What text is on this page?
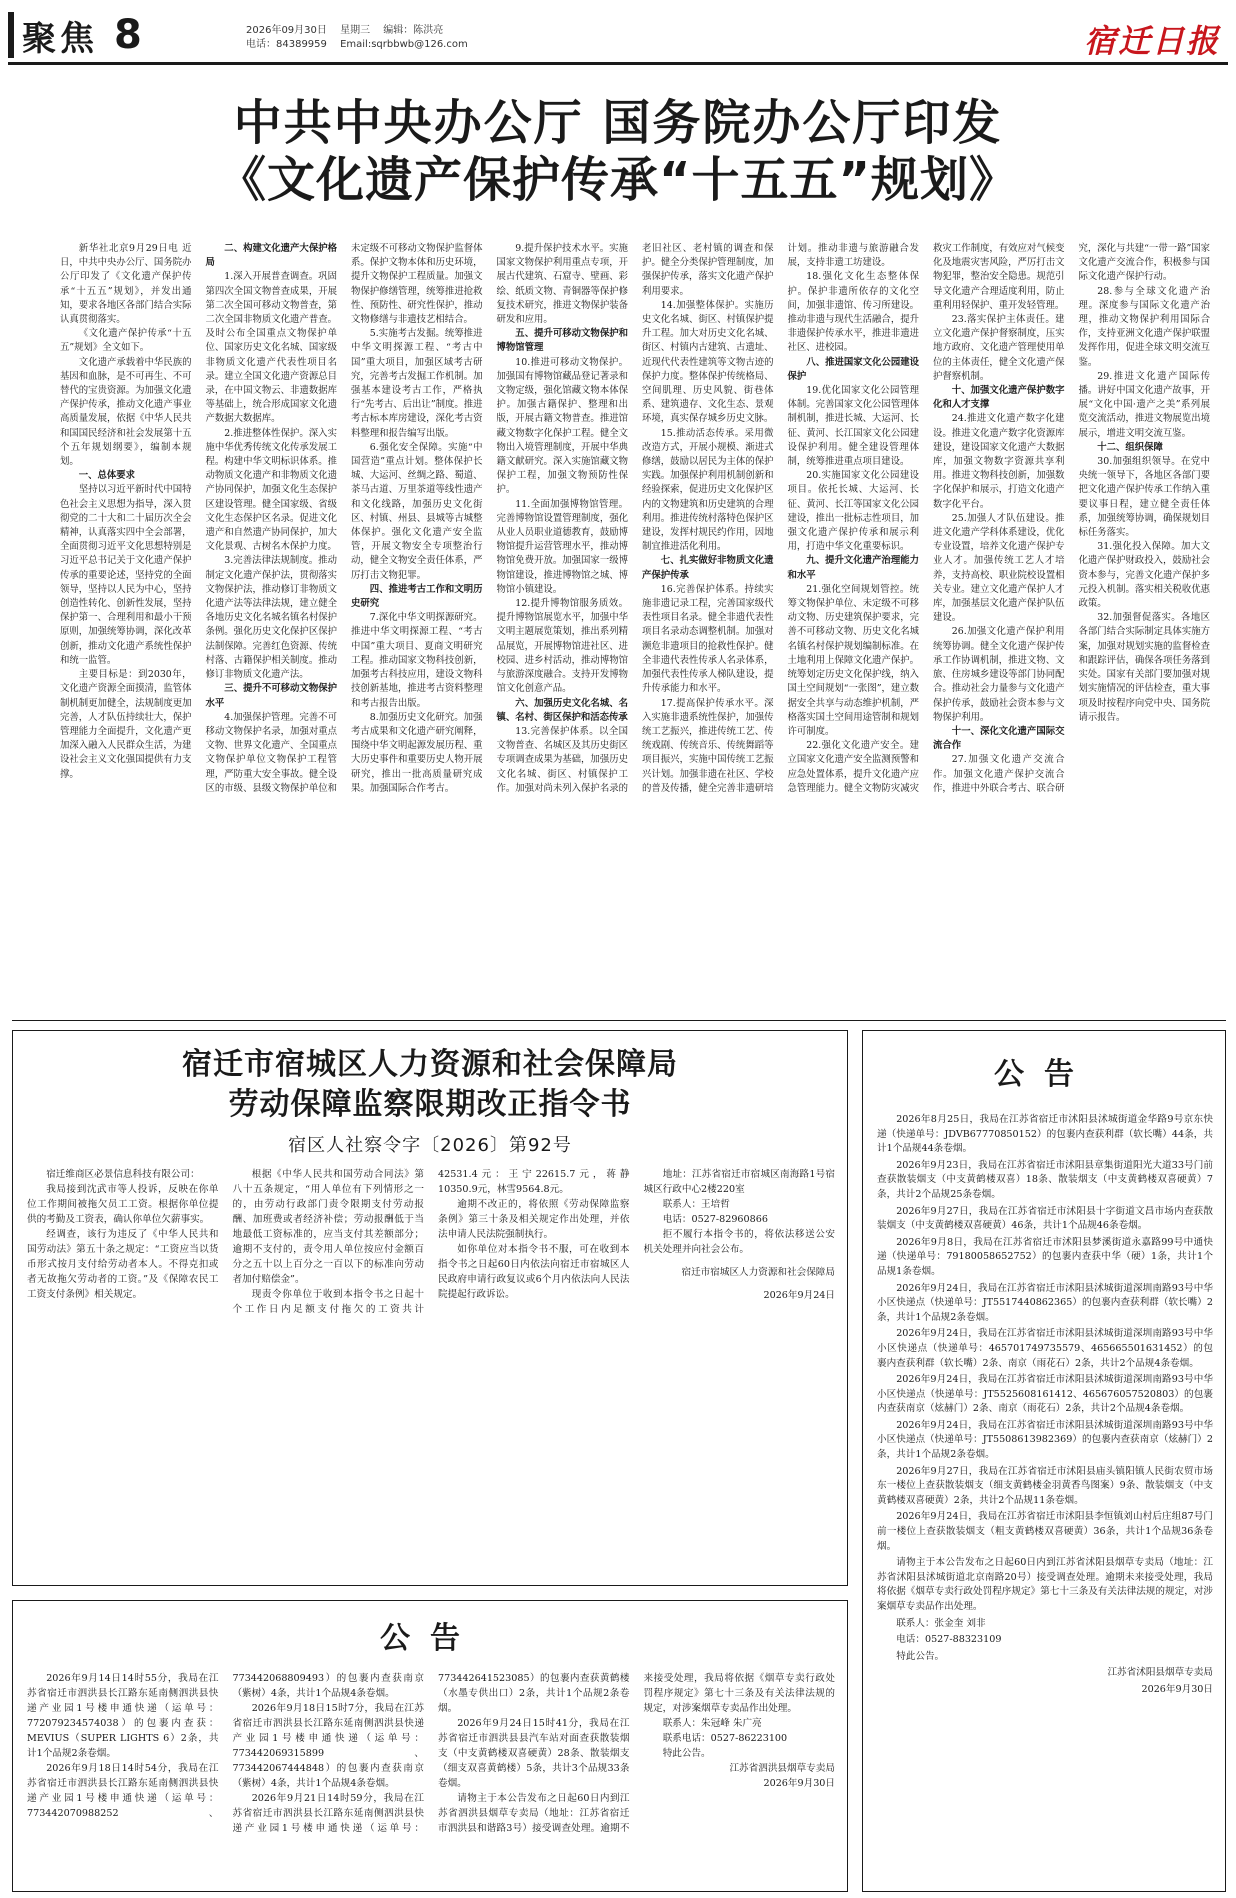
聚焦 8	2026年09月30日 星期三 编辑：陈洪亮
电话：84389959 Email:sqrbbwb@126.com	宿迁日报
中共中央办公厅 国务院办公厅印发
《文化遗产保护传承“十五五”规划》

新华社北京9月29日电 近日，中共中央办公厅、国务院办公厅印发了《文化遗产保护传承“十五五”规划》，并发出通知，要求各地区各部门结合实际认真贯彻落实。

《文化遗产保护传承“十五五”规划》全文如下。

文化遗产承载着中华民族的基因和血脉，是不可再生、不可替代的宝贵资源。为加强文化遗产保护传承，推动文化遗产事业高质量发展，依据《中华人民共和国国民经济和社会发展第十五个五年规划纲要》，编制本规划。

一、总体要求

坚持以习近平新时代中国特色社会主义思想为指导，深入贯彻党的二十大和二十届历次全会精神，认真落实四中全会部署，全面贯彻习近平文化思想特别是习近平总书记关于文化遗产保护传承的重要论述，坚持党的全面领导，坚持以人民为中心，坚持创造性转化、创新性发展，坚持保护第一、合理利用和最小干预原则，加强统筹协调，深化改革创新，推动文化遗产系统性保护和统一监管。

主要目标是：到2030年，文化遗产资源全面摸清，监管体制机制更加健全，法规制度更加完善，人才队伍持续壮大，保护管理能力全面提升，文化遗产更加深入融入人民群众生活，为建设社会主义文化强国提供有力支撑。

二、构建文化遗产大保护格局

1.深入开展普查调查。巩固第四次全国文物普查成果，开展第二次全国可移动文物普查，第二次全国非物质文化遗产普查。及时公布全国重点文物保护单位、国家历史文化名城、国家级非物质文化遗产代表性项目名录。建立全国文化遗产资源总目录，在中国文物云、非遗数据库等基础上，统合形成国家文化遗产数据大数据库。

2.推进整体性保护。深入实施中华优秀传统文化传承发展工程。构建中华文明标识体系。推动物质文化遗产和非物质文化遗产协同保护，加强文化生态保护区建设管理。健全国家级、省级文化生态保护区名录。促进文化遗产和自然遗产协同保护，加大文化景观、古树名木保护力度。

3.完善法律法规制度。推动制定文化遗产保护法，贯彻落实文物保护法，推动修订非物质文化遗产法等法律法规，建立健全各地历史文化名城名镇名村保护条例。强化历史文化保护区保护法制保障。完善红色资源、传统村落、古籍保护相关制度。推动修订非物质文化遗产法。

三、提升不可移动文物保护水平

4.加强保护管理。完善不可移动文物保护名录，加强对重点文物、世界文化遗产、全国重点文物保护单位文物保护工程管理，严防重大安全事故。健全设区的市级、县级文物保护单位和未定级不可移动文物保护监督体系。保护文物本体和历史环境，提升文物保护工程质量。加强文物保护修缮管理，统筹推进抢救性、预防性、研究性保护，推动文物修缮与非遗技艺相结合。

5.实施考古发掘。统筹推进中华文明探源工程、“考古中国”重大项目，加强区域考古研究，完善考古发掘工作机制。加强基本建设考古工作，严格执行“先考古、后出让”制度。推进考古标本库房建设，深化考古资料整理和报告编写出版。

6.强化安全保障。实施“中国营造”重点计划。整体保护长城、大运河、丝绸之路、蜀道、茶马古道、万里茶道等线性遗产和文化线路，加强历史文化街区、村镇、州县、县城等古城整体保护。强化文化遗产安全监管，开展文物安全专项整治行动，健全文物安全责任体系，严厉打击文物犯罪。

四、推进考古工作和文明历史研究

7.深化中华文明探源研究。推进中华文明探源工程、“考古中国”重大项目、夏商文明研究工程。推动国家文物科技创新，加强考古科技应用，建设文物科技创新基地，推进考古资料整理和考古报告出版。

8.加强历史文化研究。加强考古成果和文化遗产研究阐释，围绕中华文明起源发展历程、重大历史事件和重要历史人物开展研究，推出一批高质量研究成果。加强国际合作考古。

9.提升保护技术水平。实施国家文物保护利用重点专项，开展古代建筑、石窟寺、壁画、彩绘、纸质文物、青铜器等保护修复技术研究，推进文物保护装备研发和应用。

五、提升可移动文物保护和博物馆管理

10.推进可移动文物保护。加强国有博物馆藏品登记著录和文物定级，强化馆藏文物本体保护。加强古籍保护、整理和出版，开展古籍文物普查。推进馆藏文物数字化保护工程。健全文物出入境管理制度，开展中华典籍文献研究。深入实施馆藏文物保护工程，加强文物预防性保护。

11.全面加强博物馆管理。完善博物馆设置管理制度，强化从业人员职业道德教育，鼓励博物馆提升运营管理水平，推动博物馆免费开放。加强国家一级博物馆建设，推进博物馆之城、博物馆小镇建设。

12.提升博物馆服务质效。提升博物馆展览水平，加强中华文明主题展览策划，推出系列精品展览，开展博物馆进社区、进校园、进乡村活动，推动博物馆与旅游深度融合。支持开发博物馆文化创意产品。

六、加强历史文化名城、名镇、名村、街区保护和活态传承

13.完善保护体系。以全国文物普查、名城区及其历史街区专项调查成果为基础，加强历史文化名城、街区、村镇保护工作。加强对尚未列入保护名录的老旧社区、老村镇的调查和保护。健全分类保护管理制度，加强保护传承，落实文化遗产保护利用要求。

14.加强整体保护。实施历史文化名城、街区、村镇保护提升工程。加大对历史文化名城、街区、村镇内古建筑、古遗址、近现代代表性建筑等文物古迹的保护力度。整体保护传统格局、空间肌理、历史风貌、街巷体系、建筑遗存、文化生态、景观环境，真实保存城乡历史文脉。

15.推动活态传承。采用微改造方式，开展小规模、渐进式修缮，鼓励以居民为主体的保护实践。加强保护利用机制创新和经验探索，促进历史文化保护区内的文物建筑和历史建筑的合理利用。推进传统村落特色保护区建设，发挥村规民约作用，因地制宜推进活化利用。

七、扎实做好非物质文化遗产保护传承

16.完善保护体系。持续实施非遗记录工程，完善国家级代表性项目名录。健全非遗代表性项目名录动态调整机制。加强对濒危非遗项目的抢救性保护。健全非遗代表性传承人名录体系，加强代表性传承人梯队建设，提升传承能力和水平。

17.提高保护传承水平。深入实施非遗系统性保护，加强传统工艺振兴，推进传统工艺、传统戏剧、传统音乐、传统舞蹈等项目振兴，实施中国传统工艺振兴计划。加强非遗在社区、学校的普及传播，健全完善非遗研培计划。推动非遗与旅游融合发展，支持非遗工坊建设。

18.强化文化生态整体保护。保护非遗所依存的文化空间，加强非遗馆、传习所建设。推动非遗与现代生活融合，提升非遗保护传承水平，推进非遗进社区、进校园。

八、推进国家文化公园建设保护

19.优化国家文化公园管理体制。完善国家文化公园管理体制机制，推进长城、大运河、长征、黄河、长江国家文化公园建设保护利用。健全建设管理体制，统筹推进重点项目建设。

20.实施国家文化公园建设项目。依托长城、大运河、长征、黄河、长江等国家文化公园建设，推出一批标志性项目，加强文化遗产保护传承和展示利用，打造中华文化重要标识。

九、提升文化遗产治理能力和水平

21.强化空间规划管控。统筹文物保护单位、未定级不可移动文物、历史建筑保护要求，完善不可移动文物、历史文化名城名镇名村保护规划编制标准。在土地利用上保障文化遗产保护。统筹划定历史文化保护线，纳入国土空间规划“一张图”，建立数据安全共享与动态维护机制，严格落实国土空间用途管制和规划许可制度。

22.强化文化遗产安全。建立国家文化遗产安全监测预警和应急处置体系，提升文化遗产应急管理能力。健全文物防灾减灾救灾工作制度，有效应对气候变化及地震灾害风险，严厉打击文物犯罪，整治安全隐患。规范引导文化遗产合理适度利用，防止重利用轻保护、重开发轻管理。

23.落实保护主体责任。建立文化遗产保护督察制度，压实地方政府、文化遗产管理使用单位的主体责任，健全文化遗产保护督察机制。

十、加强文化遗产保护数字化和人才支撑

24.推进文化遗产数字化建设。推进文化遗产数字化资源库建设，建设国家文化遗产大数据库，加强文物数字资源共享利用。推进文物科技创新，加强数字化保护和展示，打造文化遗产数字化平台。

25.加强人才队伍建设。推进文化遗产学科体系建设，优化专业设置，培养文化遗产保护专业人才。加强传统工艺人才培养，支持高校、职业院校设置相关专业。建立文化遗产保护人才库，加强基层文化遗产保护队伍建设。

26.加强文化遗产保护利用统筹协调。健全文化遗产保护传承工作协调机制，推进文物、文旅、住房城乡建设等部门协同配合。推动社会力量参与文化遗产保护传承，鼓励社会资本参与文物保护利用。

十一、深化文化遗产国际交流合作

27.加强文化遗产交流合作。加强文化遗产保护交流合作，推进中外联合考古、联合研究，深化与共建“一带一路”国家文化遗产交流合作，积极参与国际文化遗产保护行动。

28.参与全球文化遗产治理。深度参与国际文化遗产治理，推动文物保护利用国际合作，支持亚洲文化遗产保护联盟发挥作用，促进全球文明交流互鉴。

29.推进文化遗产国际传播。讲好中国文化遗产故事，开展“文化中国·遗产之美”系列展览交流活动，推进文物展览出境展示，增进文明交流互鉴。

十二、组织保障

30.加强组织领导。在党中央统一领导下，各地区各部门要把文化遗产保护传承工作纳入重要议事日程，建立健全责任体系，加强统筹协调，确保规划目标任务落实。

31.强化投入保障。加大文化遗产保护财政投入，鼓励社会资本参与，完善文化遗产保护多元投入机制。落实相关税收优惠政策。

32.加强督促落实。各地区各部门结合实际制定具体实施方案，加强对规划实施的监督检查和跟踪评估，确保各项任务落到实处。国家有关部门要加强对规划实施情况的评估检查，重大事项及时按程序向党中央、国务院请示报告。

宿迁市宿城区人力资源和社会保障局
劳动保障监察限期改正指令书
宿区人社察令字〔2026〕第92号

宿迁维商区必景信息科技有限公司：

我局接到沈武市等人投诉，反映在你单位工作期间被拖欠员工工资。根据你单位提供的考勤及工资表，确认你单位欠薪事实。

经调查，该行为违反了《中华人民共和国劳动法》第五十条之规定：“工资应当以货币形式按月支付给劳动者本人。不得克扣或者无故拖欠劳动者的工资。”及《保障农民工工资支付条例》相关规定。

根据《中华人民共和国劳动合同法》第八十五条规定，“用人单位有下列情形之一的，由劳动行政部门责令限期支付劳动报酬、加班费或者经济补偿；劳动报酬低于当地最低工资标准的，应当支付其差额部分；逾期不支付的，责令用人单位按应付金额百分之五十以上百分之一百以下的标准向劳动者加付赔偿金”。

现责令你单位于收到本指令书之日起十个工作日内足额支付拖欠的工资共计42531.4元：王宁22615.7元，蒋静10350.9元，林雪9564.8元。

逾期不改正的，将依照《劳动保障监察条例》第三十条及相关规定作出处理，并依法申请人民法院强制执行。

如你单位对本指令书不服，可在收到本指令书之日起60日内依法向宿迁市宿城区人民政府申请行政复议或6个月内依法向人民法院提起行政诉讼。

地址：江苏省宿迁市宿城区南海路1号宿城区行政中心2楼220室

联系人：王培哲

电话：0527-82960866

拒不履行本指令书的，将依法移送公安机关处理并向社会公布。

宿迁市宿城区人力资源和社会保障局

2026年9月24日

公告

2026年8月25日，我局在江苏省宿迁市沭阳县沭城街道金华路9号京东快递（快递单号：JDVB67770850152）的包裹内查获利群（软长嘴）44条，共计1个品规44条卷烟。

2026年9月23日，我局在江苏省宿迁市沭阳县章集街道阳光大道33号门前查获散装烟支（中支黄鹤楼双喜）18条、散装烟支（中支黄鹤楼双喜硬黄）7条，共计2个品规25条卷烟。

2026年9月27日，我局在江苏省宿迁市沭阳县十字街道文昌市场内查获散装烟支（中支黄鹤楼双喜硬黄）46条，共计1个品规46条卷烟。

2026年9月8日，我局在江苏省宿迁市沭阳县梦溪街道永嘉路99号中通快递（快递单号：79180058652752）的包裹内查获中华（硬）1条，共计1个品规1条卷烟。

2026年9月24日，我局在江苏省宿迁市沭阳县沭城街道深圳南路93号中华小区快递点（快递单号：JT5517440862365）的包裹内查获利群（软长嘴）2条，共计1个品规2条卷烟。

2026年9月24日，我局在江苏省宿迁市沭阳县沭城街道深圳南路93号中华小区快递点（快递单号：465701749735579、465665501631452）的包裹内查获利群（软长嘴）2条、南京（雨花石）2条，共计2个品规4条卷烟。

2026年9月24日，我局在江苏省宿迁市沭阳县沭城街道深圳南路93号中华小区快递点（快递单号：JT5525608161412、465676057520803）的包裹内查获南京（炫赫门）2条、南京（雨花石）2条，共计2个品规4条卷烟。

2026年9月24日，我局在江苏省宿迁市沭阳县沭城街道深圳南路93号中华小区快递点（快递单号：JT5508613982369）的包裹内查获南京（炫赫门）2条，共计1个品规2条卷烟。

2026年9月27日，我局在江苏省宿迁市沭阳县庙头镇阳镇人民街农贸市场东一楼位上查获散装烟支（细支黄鹤楼金羽黄香鸟图案）9条、散装烟支（中支黄鹤楼双喜硬黄）2条，共计2个品规11条卷烟。

2026年9月24日，我局在江苏省宿迁市沭阳县李恒镇刘山村后庄组87号门前一楼位上查获散装烟支（粗支黄鹤楼双喜硬黄）36条，共计1个品规36条卷烟。

请物主于本公告发布之日起60日内到江苏省沭阳县烟草专卖局（地址：江苏省沭阳县沭城街道北京南路20号）接受调查处理。逾期未来接受处理，我局将依据《烟草专卖行政处罚程序规定》第七十三条及有关法律法规的规定，对涉案烟草专卖品作出处理。

联系人：张金奎 刘非

电话：0527-88323109

特此公告。

江苏省沭阳县烟草专卖局

2026年9月30日

公告

2026年9月14日14时55分，我局在江苏省宿迁市泗洪县长江路东延南侧泗洪县快递产业园1号楼申通快递（运单号：772079234574038）的包裹内查获：MEVIUS（SUPER LIGHTS 6）2条，共计1个品规2条卷烟。

2026年9月18日14时54分，我局在江苏省宿迁市泗洪县长江路东延南侧泗洪县快递产业园1号楼申通快递（运单号：773442070988252、773442068809493）的包裹内查获南京（紫树）4条，共计1个品规4条卷烟。

2026年9月18日15时7分，我局在江苏省宿迁市泗洪县长江路东延南侧泗洪县快递产业园1号楼申通快递（运单号：773442069315899、773442067444848）的包裹内查获南京（紫树）4条，共计1个品规4条卷烟。

2026年9月21日14时59分，我局在江苏省宿迁市泗洪县长江路东延南侧泗洪县快递产业园1号楼申通快递（运单号：773442641523085）的包裹内查获黄鹤楼（水墨专供出口）2条，共计1个品规2条卷烟。

2026年9月24日15时41分，我局在江苏省宿迁市泗洪县县汽车站对面查获散装烟支（中支黄鹤楼双喜硬黄）28条、散装烟支（细支双喜黄鹤楼）5条，共计3个品规33条卷烟。

请物主于本公告发布之日起60日内到江苏省泗洪县烟草专卖局（地址：江苏省宿迁市泗洪县和谐路3号）接受调查处理。逾期不来接受处理，我局将依据《烟草专卖行政处罚程序规定》第七十三条及有关法律法规的规定，对涉案烟草专卖品作出处理。

联系人：朱冠峰 朱广亮

联系电话：0527-86223100

特此公告。

江苏省泗洪县烟草专卖局

2026年9月30日
